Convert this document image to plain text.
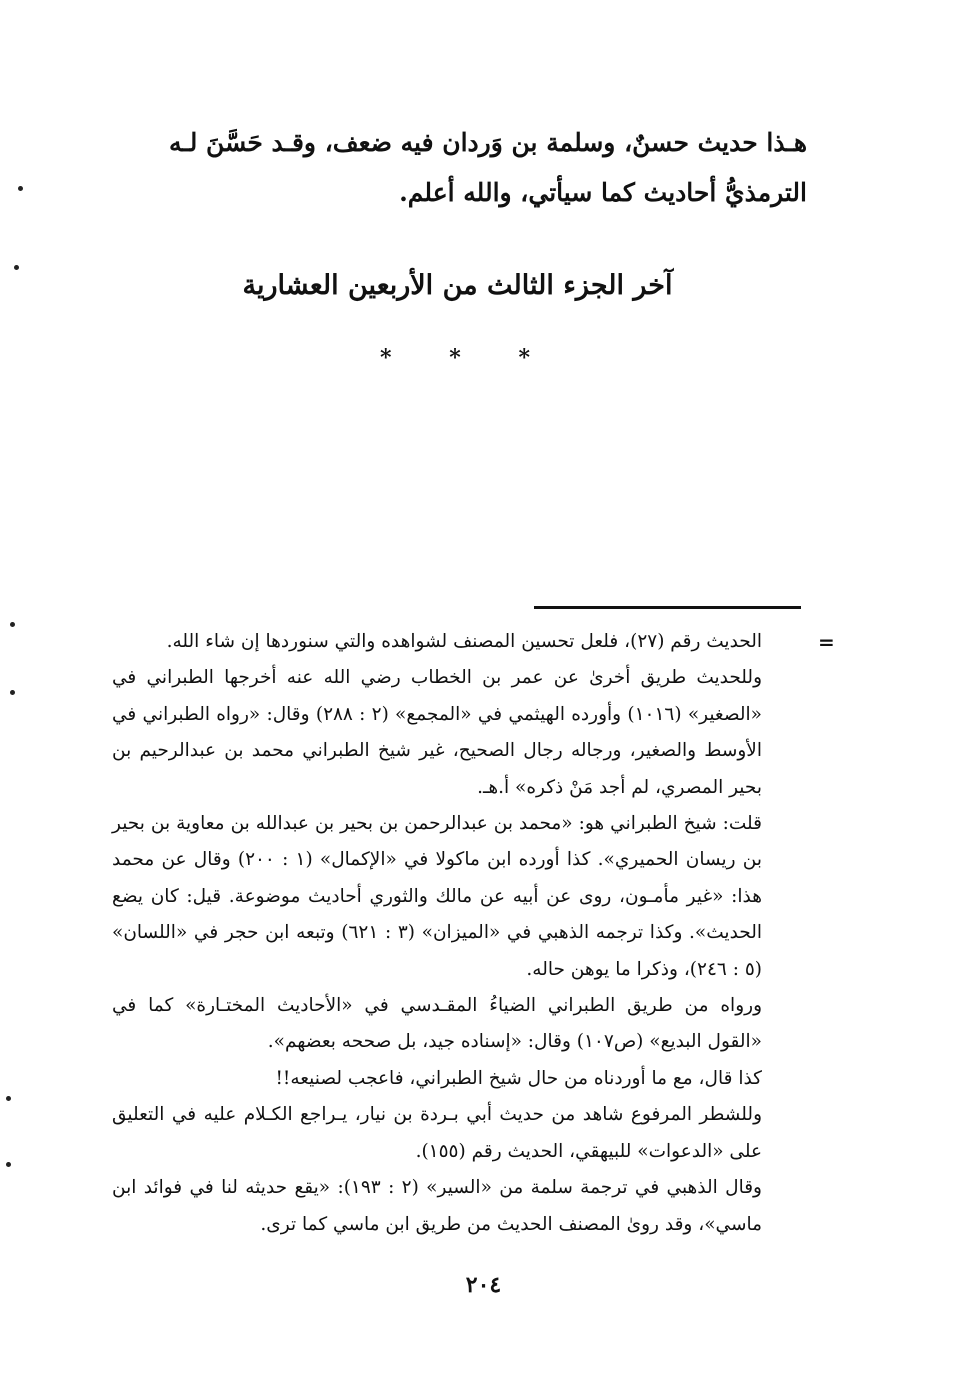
هـذا حديث حسنٌ، وسلمة بن وَردان فيه ضعف، وقـد حَسَّنَ لـه

الترمذيُّ أحاديث كما سيأتي، والله أعلم.

آخر الجزء الثالث من الأربعين العشارية
*	*	*
=

الحديث رقم (٢٧)، فلعل تحسين المصنف لشواهده والتي سنوردها إن شاء الله.

وللحديث طريق أخرىٰ عن عمر بن الخطاب رضي الله عنه أخرجها الطبراني في «الصغير» (١٠١٦) وأورده الهيثمي في «المجمع» (٢ : ٢٨٨) وقال: «رواه الطبراني في الأوسط والصغير، ورجاله رجال الصحيح، غير شيخ الطبراني محمد بن عبدالرحيم بن بحير المصري، لم أجد مَنْ ذكره» أ.هـ.

قلت: شيخ الطبراني هو: «محمد بن عبدالرحمن بن بحير بن عبدالله بن معاوية بن بحير بن ريسان الحميري». كذا أورده ابن ماكولا في «الإكمال» (١ : ٢٠٠) وقال عن محمد هذا: «غير مأمـون، روى عن أبيه عن مالك والثوري أحاديث موضوعة. قيل: كان يضع الحديث». وكذا ترجمه الذهبي في «الميزان» (٣ : ٦٢١) وتبعه ابن حجر في «اللسان» (٥ : ٢٤٦)، وذكرا ما يوهن حاله.

ورواه من طريق الطبراني الضياءُ المقـدسي في «الأحاديث المختـارة» كما في «القول البديع» (ص١٠٧) وقال: «إسناده جيد، بل صححه بعضهم».

كذا قال، مع ما أوردناه من حال شيخ الطبراني، فاعجب لصنيعه!!

وللشطر المرفوع شاهد من حديث أبي بـردة بن نيار، يـراجع الكـلام عليه في التعليق على «الدعوات» للبيهقي، الحديث رقم (١٥٥).

وقال الذهبي في ترجمة سلمة من «السير» (٢ : ١٩٣): «يقع حديثه لنا في فوائد ابن ماسي»، وقد روىٰ المصنف الحديث من طريق ابن ماسي كما ترى.

٢٠٤
